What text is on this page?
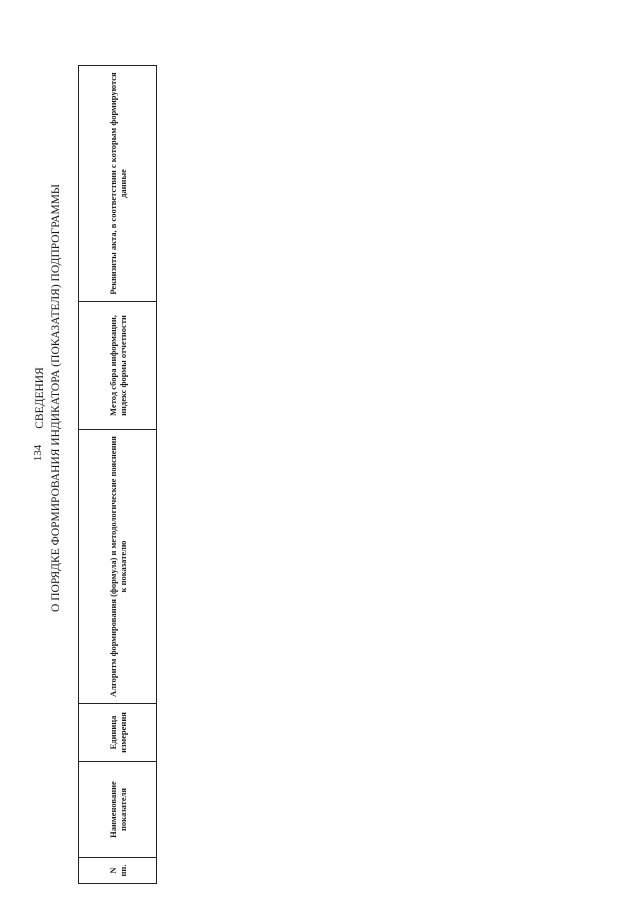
134
СВЕДЕНИЯ О ПОРЯДКЕ ФОРМИРОВАНИЯ ИНДИКАТОРА (ПОКАЗАТЕЛЯ) ПОДПРОГРАММЫ
N пп.	Наименование показателя	Единица измерения	Алгоритм формирования (формула) и методологические пояснения к показателю	Метод сбора информации, индекс формы отчетности	Реквизиты акта, в соответствии с которым формируются данные
